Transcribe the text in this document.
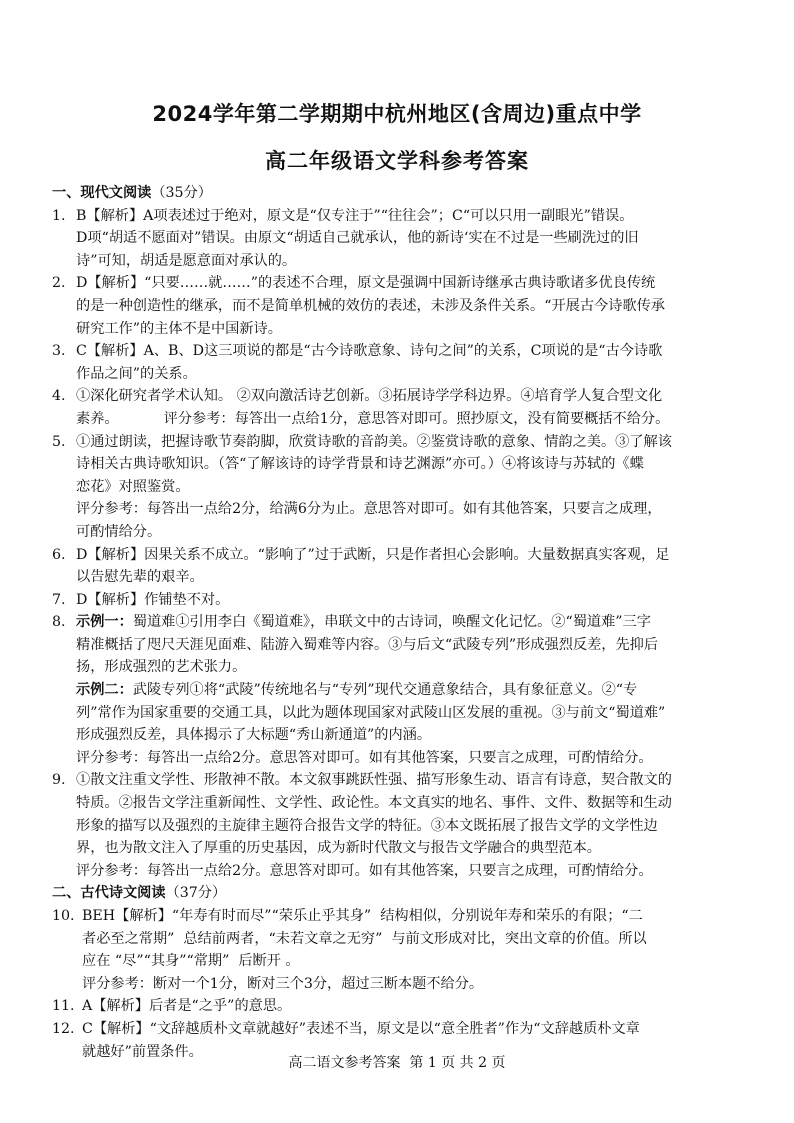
2024学年第二学期期中杭州地区(含周边)重点中学
高二年级语文学科参考答案
一、现代文阅读（35分）
1. B【解析】A项表述过于绝对，原文是“仅专注于”“往往会”；C“可以只用一副眼光”错误。
D项“胡适不愿面对”错误。由原文“胡适自己就承认，他的新诗‘实在不过是一些刷洗过的旧
诗”可知，胡适是愿意面对承认的。
2. D【解析】“只要……就……”的表述不合理，原文是强调中国新诗继承古典诗歌诸多优良传统
的是一种创造性的继承，而不是简单机械的效仿的表述，未涉及条件关系。“开展古今诗歌传承
研究工作”的主体不是中国新诗。
3. C【解析】A、B、D这三项说的都是“古今诗歌意象、诗句之间”的关系，C项说的是“古今诗歌
作品之间”的关系。
4. ①深化研究者学术认知。 ②双向激活诗艺创新。③拓展诗学学科边界。④培育学人复合型文化
素养。          评分参考：每答出一点给1分，意思答对即可。照抄原文，没有简要概括不给分。
5. ①通过朗读，把握诗歌节奏韵脚，欣赏诗歌的音韵美。②鉴赏诗歌的意象、情韵之美。③了解该
诗相关古典诗歌知识。（答“了解该诗的诗学背景和诗艺渊源”亦可。）④将该诗与苏轼的《蝶
恋花》对照鉴赏。
评分参考：每答出一点给2分，给满6分为止。意思答对即可。如有其他答案，只要言之成理，
可酌情给分。
6. D【解析】因果关系不成立。“影响了”过于武断，只是作者担心会影响。大量数据真实客观，足
以告慰先辈的艰辛。
7. D【解析】作铺垫不对。
8. 示例一：蜀道难①引用李白《蜀道难》，串联文中的古诗词，唤醒文化记忆。②“蜀道难”三字
精准概括了咫尺天涯见面难、陆游入蜀难等内容。③与后文“武陵专列”形成强烈反差，先抑后
扬，形成强烈的艺术张力。
示例二：武陵专列①将“武陵”传统地名与“专列”现代交通意象结合，具有象征意义。②“专
列”常作为国家重要的交通工具，以此为题体现国家对武陵山区发展的重视。③与前文“蜀道难”
形成强烈反差，具体揭示了大标题“秀山新通道”的内涵。
评分参考：每答出一点给2分。意思答对即可。如有其他答案，只要言之成理，可酌情给分。
9. ①散文注重文学性、形散神不散。本文叙事跳跃性强、描写形象生动、语言有诗意，契合散文的
特质。②报告文学注重新闻性、文学性、政论性。本文真实的地名、事件、文件、数据等和生动
形象的描写以及强烈的主旋律主题符合报告文学的特征。③本文既拓展了报告文学的文学性边
界，也为散文注入了厚重的历史基因，成为新时代散文与报告文学融合的典型范本。
评分参考：每答出一点给2分。意思答对即可。如有其他答案，只要言之成理，可酌情给分。
二、古代诗文阅读（37分）
10. BEH【解析】“年寿有时而尽”“荣乐止乎其身”  结构相似，分别说年寿和荣乐的有限；“二
者必至之常期”  总结前两者，“未若文章之无穷”  与前文形成对比，突出文章的价值。所以
应在 “尽”“其身”“常期”  后断开 。
评分参考：断对一个1分，断对三个3分，超过三断本题不给分。
11. A【解析】后者是“之乎”的意思。
12. C【解析】“文辞越质朴文章就越好”表述不当，原文是以“意全胜者”作为“文辞越质朴文章
就越好”前置条件。
高二语文参考答案  第 1 页 共 2 页
